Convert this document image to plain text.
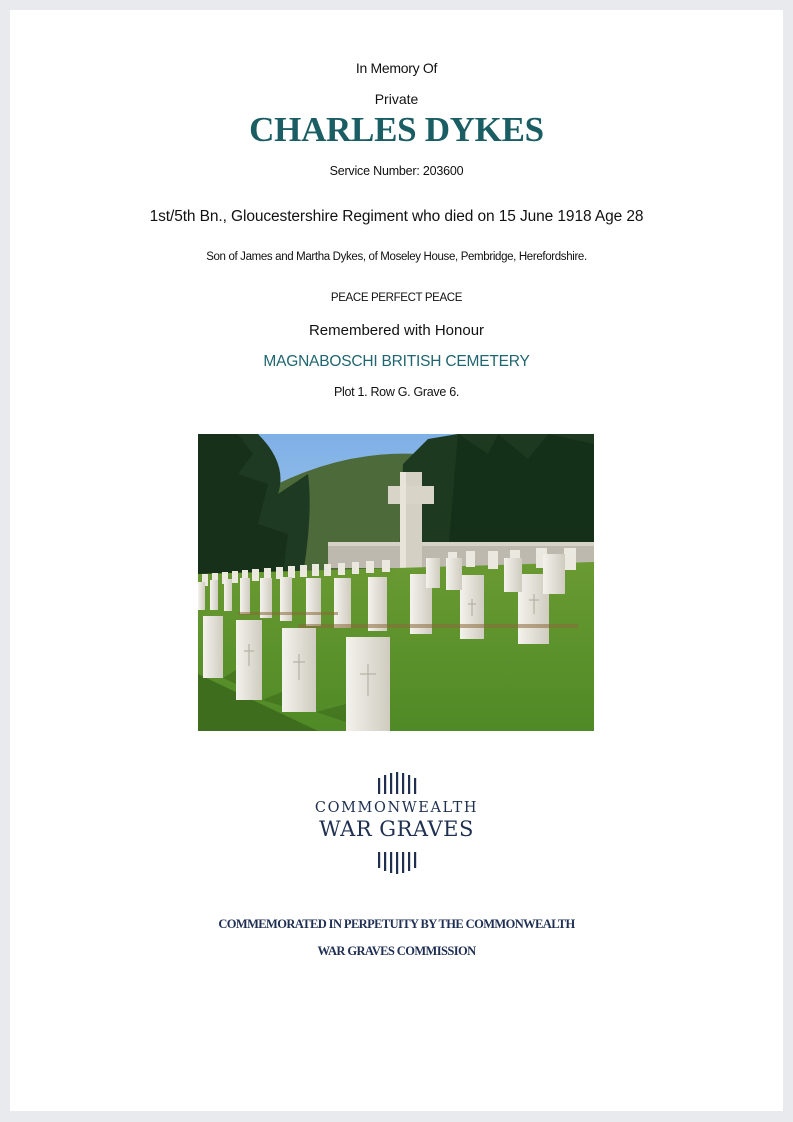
In Memory Of
Private
CHARLES DYKES
Service Number: 203600
1st/5th Bn., Gloucestershire Regiment who died on 15 June 1918 Age 28
Son of James and Martha Dykes, of Moseley House, Pembridge, Herefordshire.
PEACE PERFECT PEACE
Remembered with Honour
MAGNABOSCHI BRITISH CEMETERY
Plot 1. Row G. Grave 6.
COMMONWEALTH
WAR GRAVES
COMMEMORATED IN PERPETUITY BY THE COMMONWEALTH
WAR GRAVES COMMISSION
